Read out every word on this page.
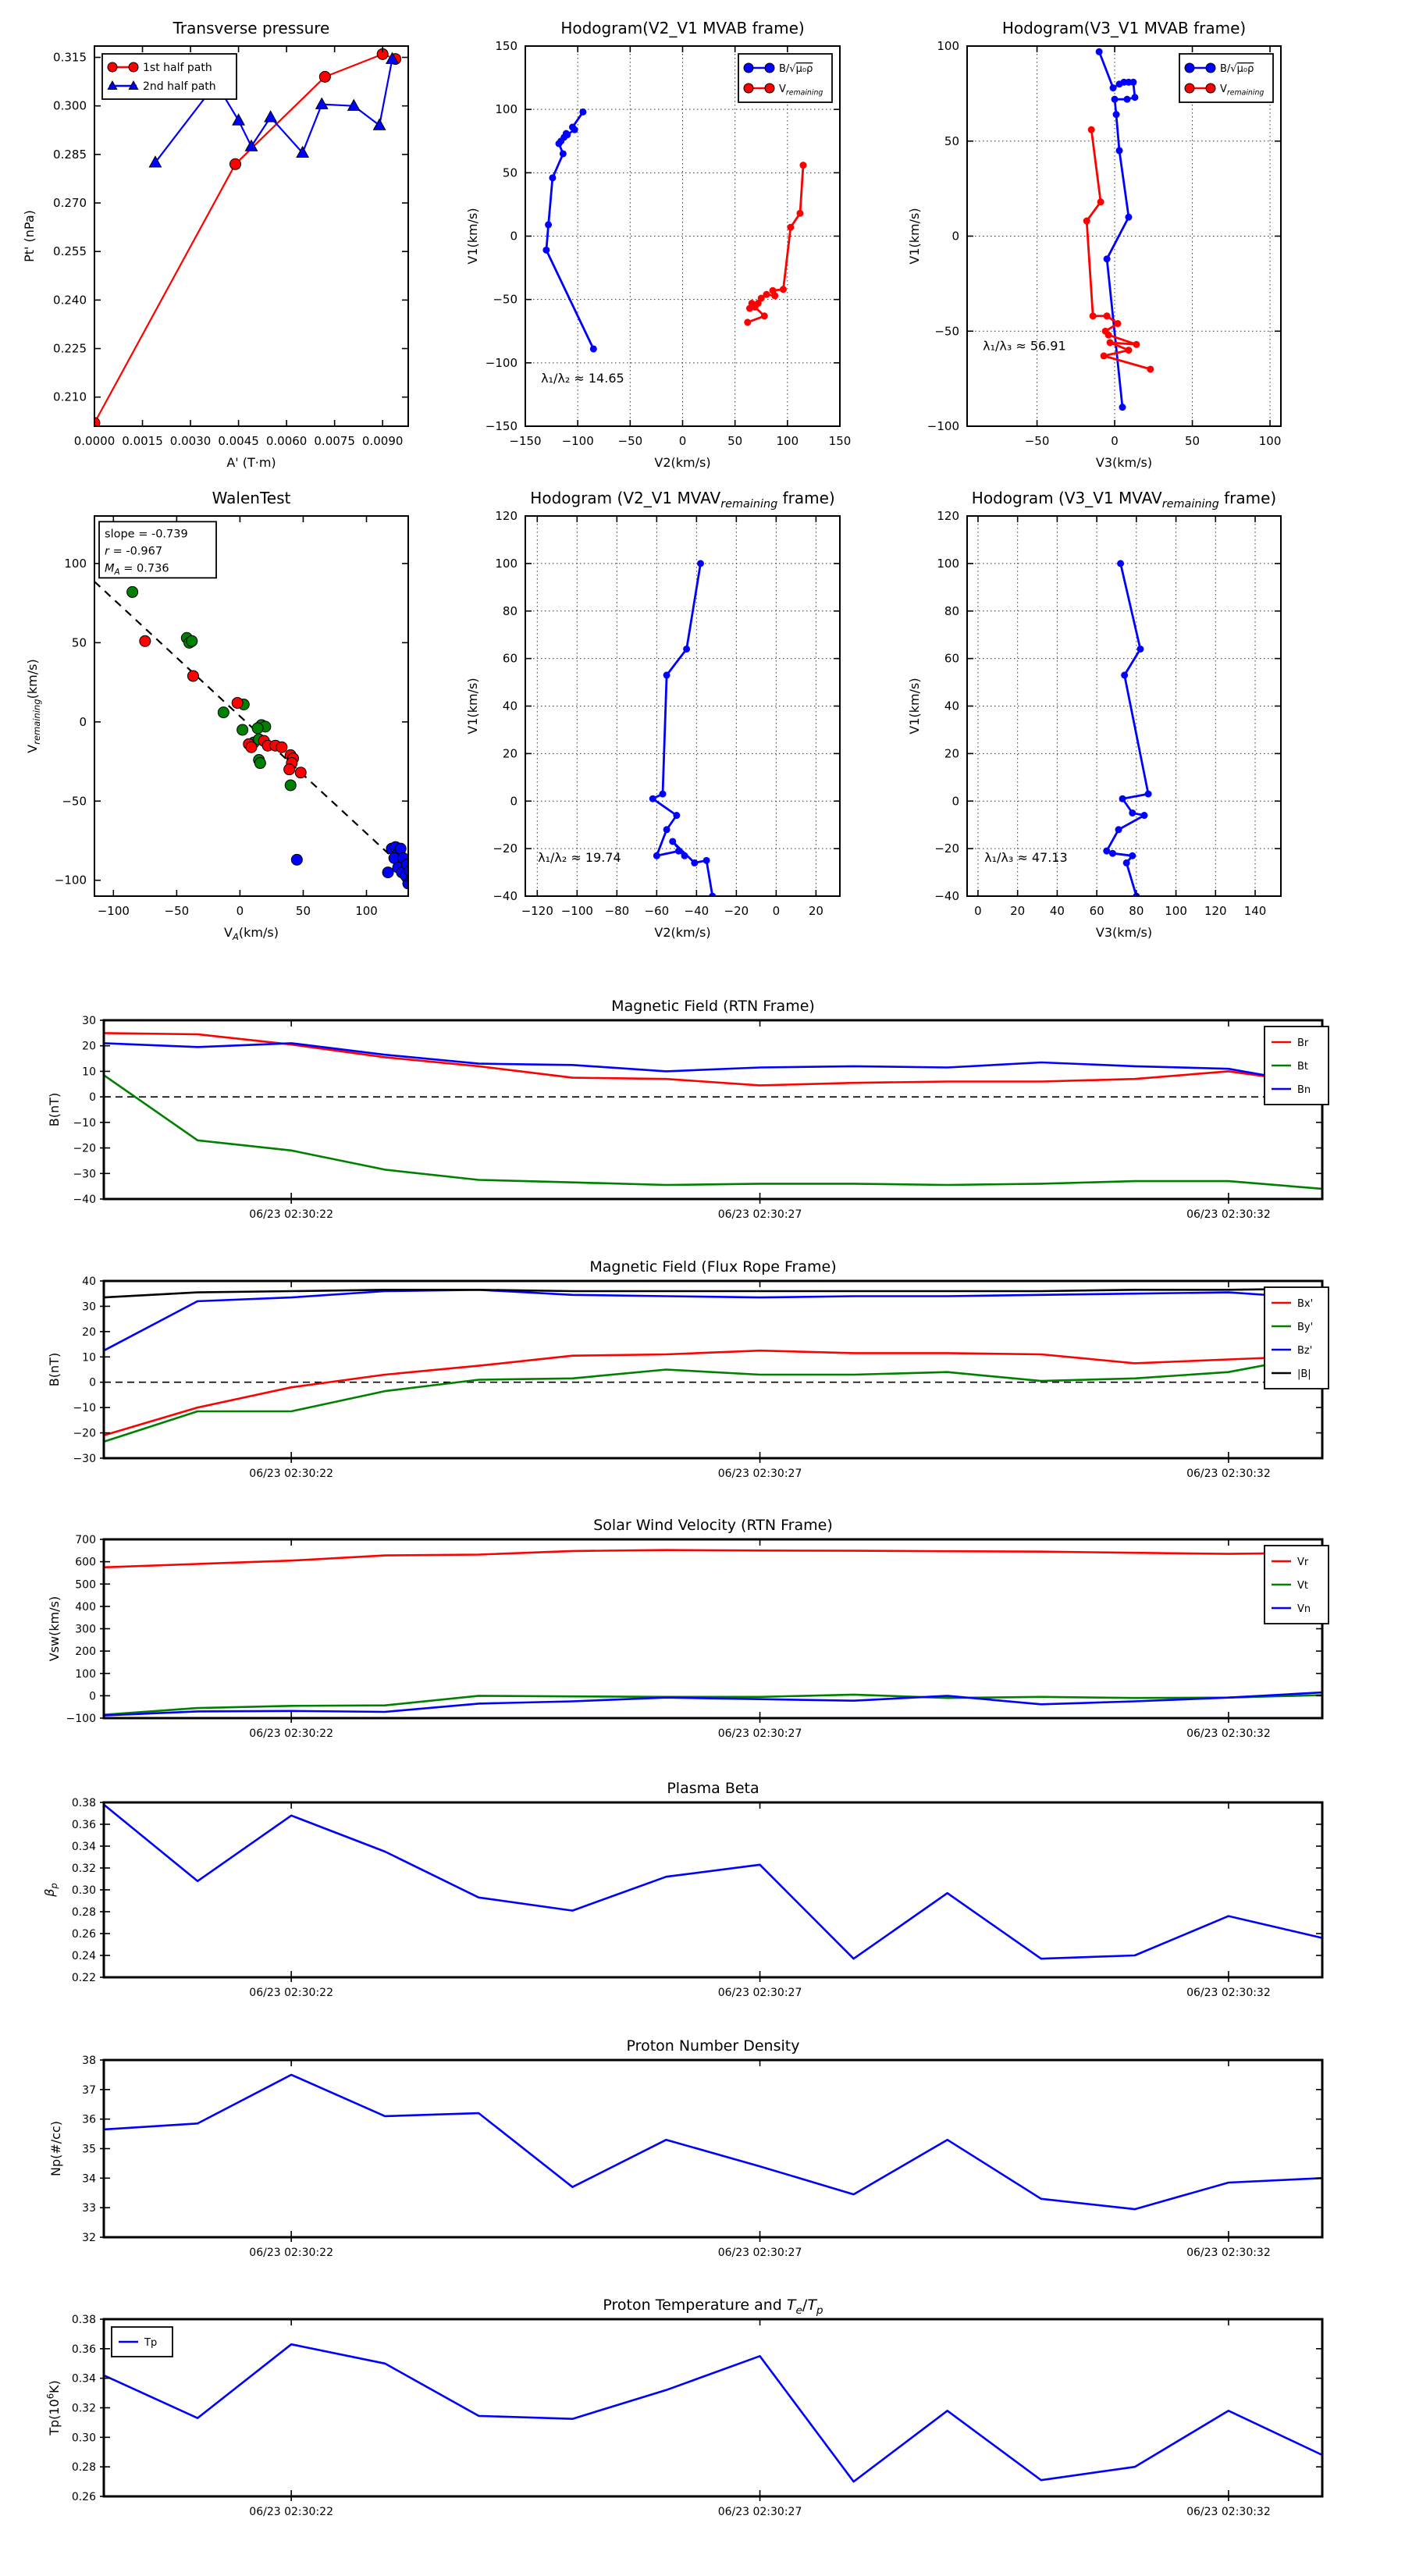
0.0000 0.0015 0.0030 0.0045 0.0060 0.0075 0.0090
0.210
0.225
0.240
0.255
0.270
0.285
0.300
0.315
A' (T·m)
Pt' (nPa)
Transverse pressure
1st half path
2nd half path
−150 −100 −50	0	50	100	150
−150
−100
−50
0
50
100
150
V2(km/s)
V1(km/s)
Hodogram(V2_V1 MVAB frame)
B/√μ₀ρ
$V_{remaining}$
λ₁/λ₂ ≈ 14.65
−50	0	50	100
−100
−50
0
50
100
V3(km/s)
V1(km/s)
Hodogram(V3_V1 MVAB frame)
B/√μ₀ρ
$V_{remaining}$
λ₁/λ₃ ≈ 56.91
−100	−50	0	50	100
−100
−50
0
50
100
$V_A(km/s)$
$V_{remaining}(km/s)$
WalenTest
slope = -0.739
r = -0.967
$M_A = 0.736$
−120 −100 −80 −60 −40 −20 0 20
−40
−20
0
20
40
60
80
100
120
V2(km/s)
V1(km/s)
Hodogram (V2_V1 $MVAV_{remaining}$ frame)
λ₁/λ₂ ≈ 19.74
0 20 40 60 80 100 120 140
−40
−20
0
20
40
60
80
100
120
V3(km/s)
V1(km/s)
Hodogram (V3_V1 $MVAV_{remaining}$ frame)
λ₁/λ₃ ≈ 47.13
06/23 02:30:22	06/23 02:30:27	06/23 02:30:32
−40
−30
−20
−10
0
10
20
30
B(nT)
Magnetic Field (RTN Frame)
Br
Bt
Bn
06/23 02:30:22	06/23 02:30:27	06/23 02:30:32
−30
−20
−10
0
10
20
30
40
B(nT)
Magnetic Field (Flux Rope Frame)
Bx'
By'
Bz'
|B|
06/23 02:30:22	06/23 02:30:27	06/23 02:30:32
−100
0
100
200
300
400
500
600
700
Vsw(km/s)
Solar Wind Velocity (RTN Frame)
Vr
Vt
Vn
06/23 02:30:22	06/23 02:30:27	06/23 02:30:32
0.22
0.24
0.26
0.28
0.30
0.32
0.34
0.36
0.38
$\beta_p$
Plasma Beta
06/23 02:30:22	06/23 02:30:27	06/23 02:30:32
32
33
34
35
36
37
38
Np(#/cc)
Proton Number Density
06/23 02:30:22	06/23 02:30:27	06/23 02:30:32
0.26
0.28
0.30
0.32
0.34
0.36
0.38
$Tp(10^6K)$
Proton Temperature and $T_e/T_p$
Tp
